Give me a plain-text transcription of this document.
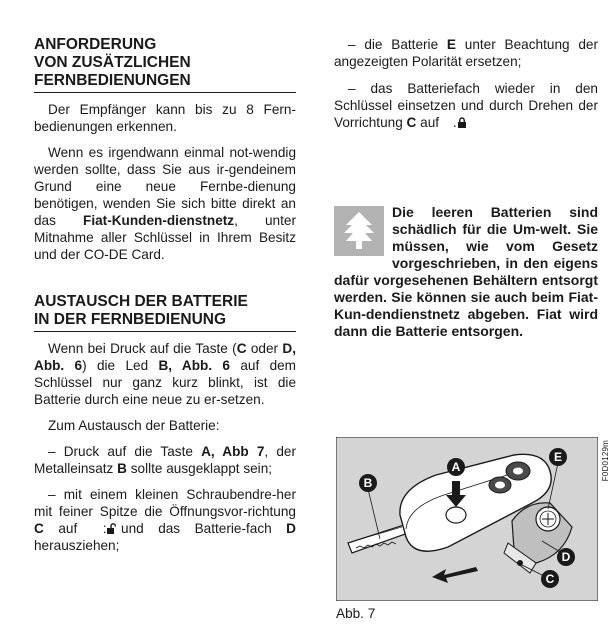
ANFORDERUNG
VON ZUSÄTZLICHEN
FERNBEDIENUNGEN

Der Empfänger kann bis zu 8 Fern-bedienungen erkennen.

Wenn es irgendwann einmal not-wendig werden sollte, dass Sie aus ir-gendeinem Grund eine neue Fernbe-dienung benötigen, wenden Sie sich bitte direkt an das Fiat-Kunden-dienstnetz, unter Mitnahme aller Schlüssel in Ihrem Besitz und der CO-DE Card.

AUSTAUSCH DER BATTERIE
IN DER FERNBEDIENUNG

Wenn bei Druck auf die Taste (C oder D, Abb. 6) die Led B, Abb. 6 auf dem Schlüssel nur ganz kurz blinkt, ist die Batterie durch eine neue zu er-setzen.

Zum Austausch der Batterie:

– Druck auf die Taste A, Abb 7, der Metalleinsatz B sollte ausgeklappt sein;

– mit einem kleinen Schraubendre-her mit feiner Spitze die Öffnungsvor-richtung C auf : und das Batterie-fach D herausziehen;

– die Batterie E unter Beachtung der angezeigten Polarität ersetzen;

– das Batteriefach wieder in den Schlüssel einsetzen und durch Drehen der Vorrichtung C auf .

Die leeren Batterien sind schädlich für die Um-welt. Sie müssen, wie vom Gesetz vorgeschrieben, in den eigens dafür vorgesehenen Behältern entsorgt werden. Sie können sie auch beim Fiat-Kun-dendienstnetz abgeben. Fiat wird dann die Batterie entsorgen.
A
B
C
D
E	F0D0129m
Abb. 7
